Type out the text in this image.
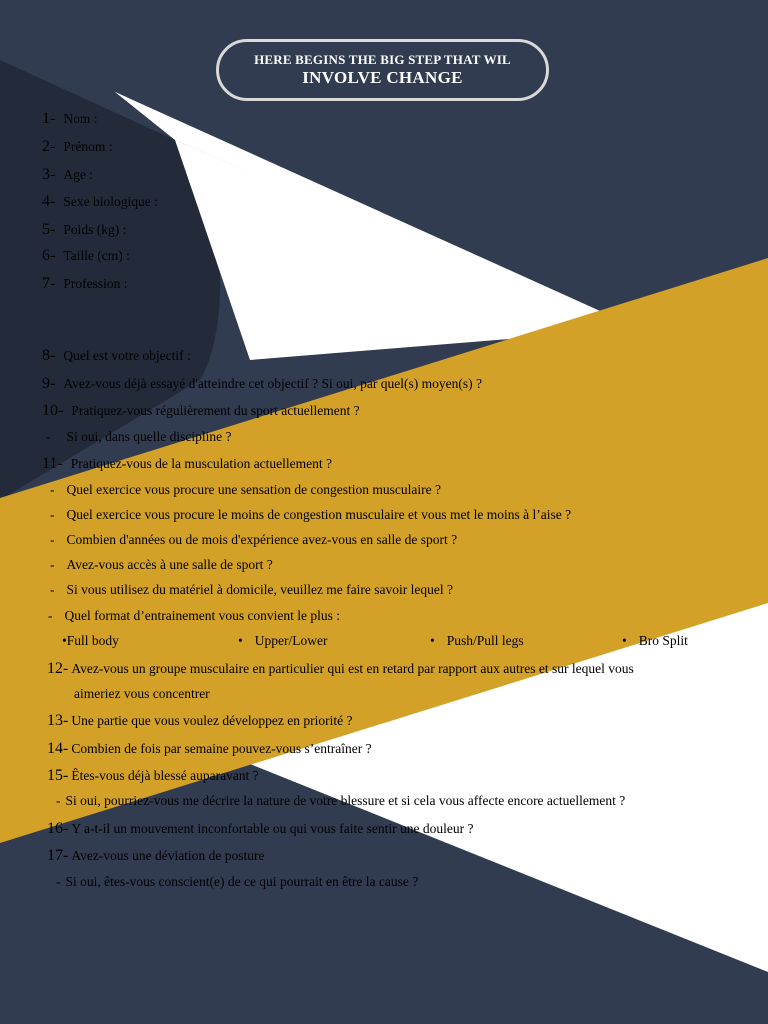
HERE BEGINS THE BIG STEP THAT WIL
INVOLVE CHANGE
1- Nom :
2- Prénom :
3- Age :
4- Sexe biologique :
5- Poids (kg) :
6- Taille (cm) :
7- Profession :
8- Quel est votre objectif :
9- Avez-vous déjà essayé d'atteindre cet objectif ? Si oui, par quel(s) moyen(s) ?
10- Pratiquez-vous régulièrement du sport actuellement ?
- Si oui, dans quelle discipline ?
11- Pratiquez-vous de la musculation actuellement ?
- Quel exercice vous procure une sensation de congestion musculaire ?
- Quel exercice vous procure le moins de congestion musculaire et vous met le moins à l’aise ?
- Combien d'années ou de mois d'expérience avez-vous en salle de sport ?
- Avez-vous accès à une salle de sport ?
- Si vous utilisez du matériel à domicile, veuillez me faire savoir lequel ?
- Quel format d’entrainement vous convient le plus :
•Full body	• Upper/Lower	• Push/Pull legs	• Bro Split
12- Avez-vous un groupe musculaire en particulier qui est en retard par rapport aux autres et sur lequel vous
aimeriez vous concentrer
13- Une partie que vous voulez développez en priorité ?
14- Combien de fois par semaine pouvez-vous s’entraîner ?
15- Êtes-vous déjà blessé auparavant ?
- Si oui, pourriez-vous me décrire la nature de votre blessure et si cela vous affecte encore actuellement ?
16- Y a-t-il un mouvement inconfortable ou qui vous faite sentir une douleur ?
17- Avez-vous une déviation de posture
- Si oui, êtes-vous conscient(e) de ce qui pourrait en être la cause ?
